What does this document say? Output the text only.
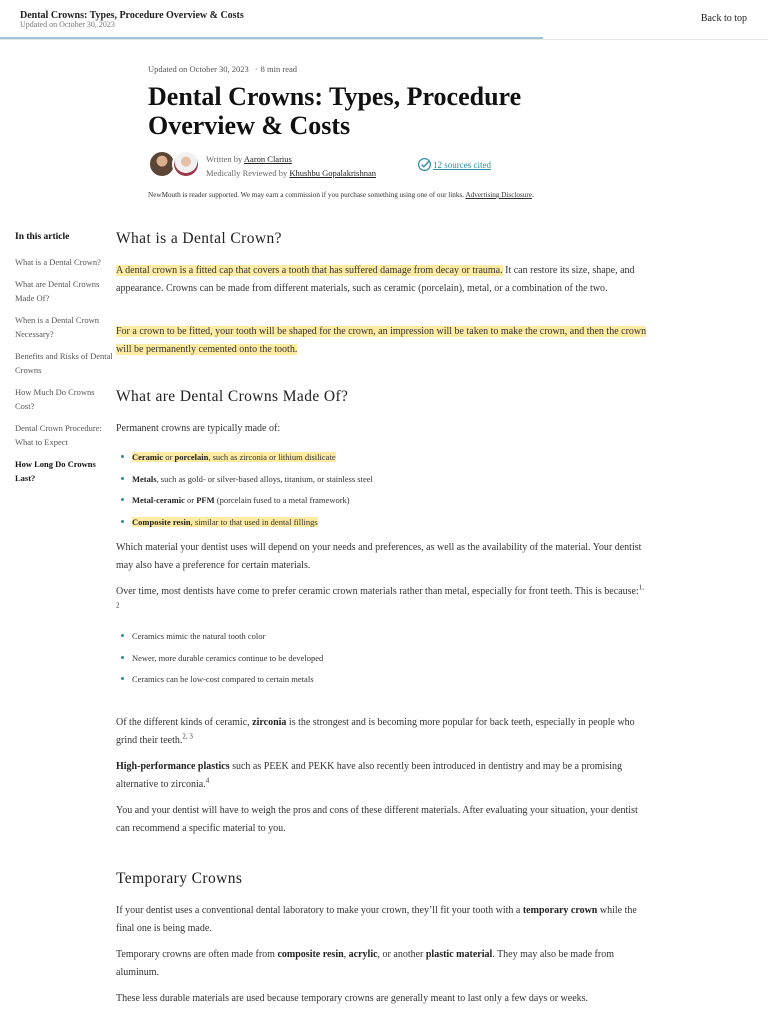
Dental Crowns: Types, Procedure Overview & Costs
Updated on October 30, 2023
Back to top
Updated on October 30, 2023 · 8 min read
Dental Crowns: Types, Procedure Overview & Costs
Written by Aaron Clarius
Medically Reviewed by Khushbu Gopalakrishnan
12 sources cited
NewMouth is reader supported. We may earn a commission if you purchase something using one of our links. Advertising Disclosure.
In this article
What is a Dental Crown?
What are Dental Crowns Made Of?
When is a Dental Crown Necessary?
Benefits and Risks of Dental Crowns
How Much Do Crowns Cost?
Dental Crown Procedure: What to Expect
How Long Do Crowns Last?
What is a Dental Crown?

A dental crown is a fitted cap that covers a tooth that has suffered damage from decay or trauma. It can restore its size, shape, and appearance. Crowns can be made from different materials, such as ceramic (porcelain), metal, or a combination of the two.

For a crown to be fitted, your tooth will be shaped for the crown, an impression will be taken to make the crown, and then the crown will be permanently cemented onto the tooth.

What are Dental Crowns Made Of?

Permanent crowns are typically made of:

Ceramic or porcelain, such as zirconia or lithium disilicate
Metals, such as gold- or silver-based alloys, titanium, or stainless steel
Metal-ceramic or PFM (porcelain fused to a metal framework)
Composite resin, similar to that used in dental fillings

Which material your dentist uses will depend on your needs and preferences, as well as the availability of the material. Your dentist may also have a preference for certain materials.

Over time, most dentists have come to prefer ceramic crown materials rather than metal, especially for front teeth. This is because:$^{1, 2}$

Ceramics mimic the natural tooth color
Newer, more durable ceramics continue to be developed
Ceramics can be low-cost compared to certain metals

Of the different kinds of ceramic, zirconia is the strongest and is becoming more popular for back teeth, especially in people who grind their teeth.$^{2, 3}$

High-performance plastics such as PEEK and PEKK have also recently been introduced in dentistry and may be a promising alternative to zirconia.$^4$

You and your dentist will have to weigh the pros and cons of these different materials. After evaluating your situation, your dentist can recommend a specific material to you.

Temporary Crowns

If your dentist uses a conventional dental laboratory to make your crown, they’ll fit your tooth with a temporary crown while the final one is being made.

Temporary crowns are often made from composite resin, acrylic, or another plastic material. They may also be made from aluminum.

These less durable materials are used because temporary crowns are generally meant to last only a few days or weeks.
